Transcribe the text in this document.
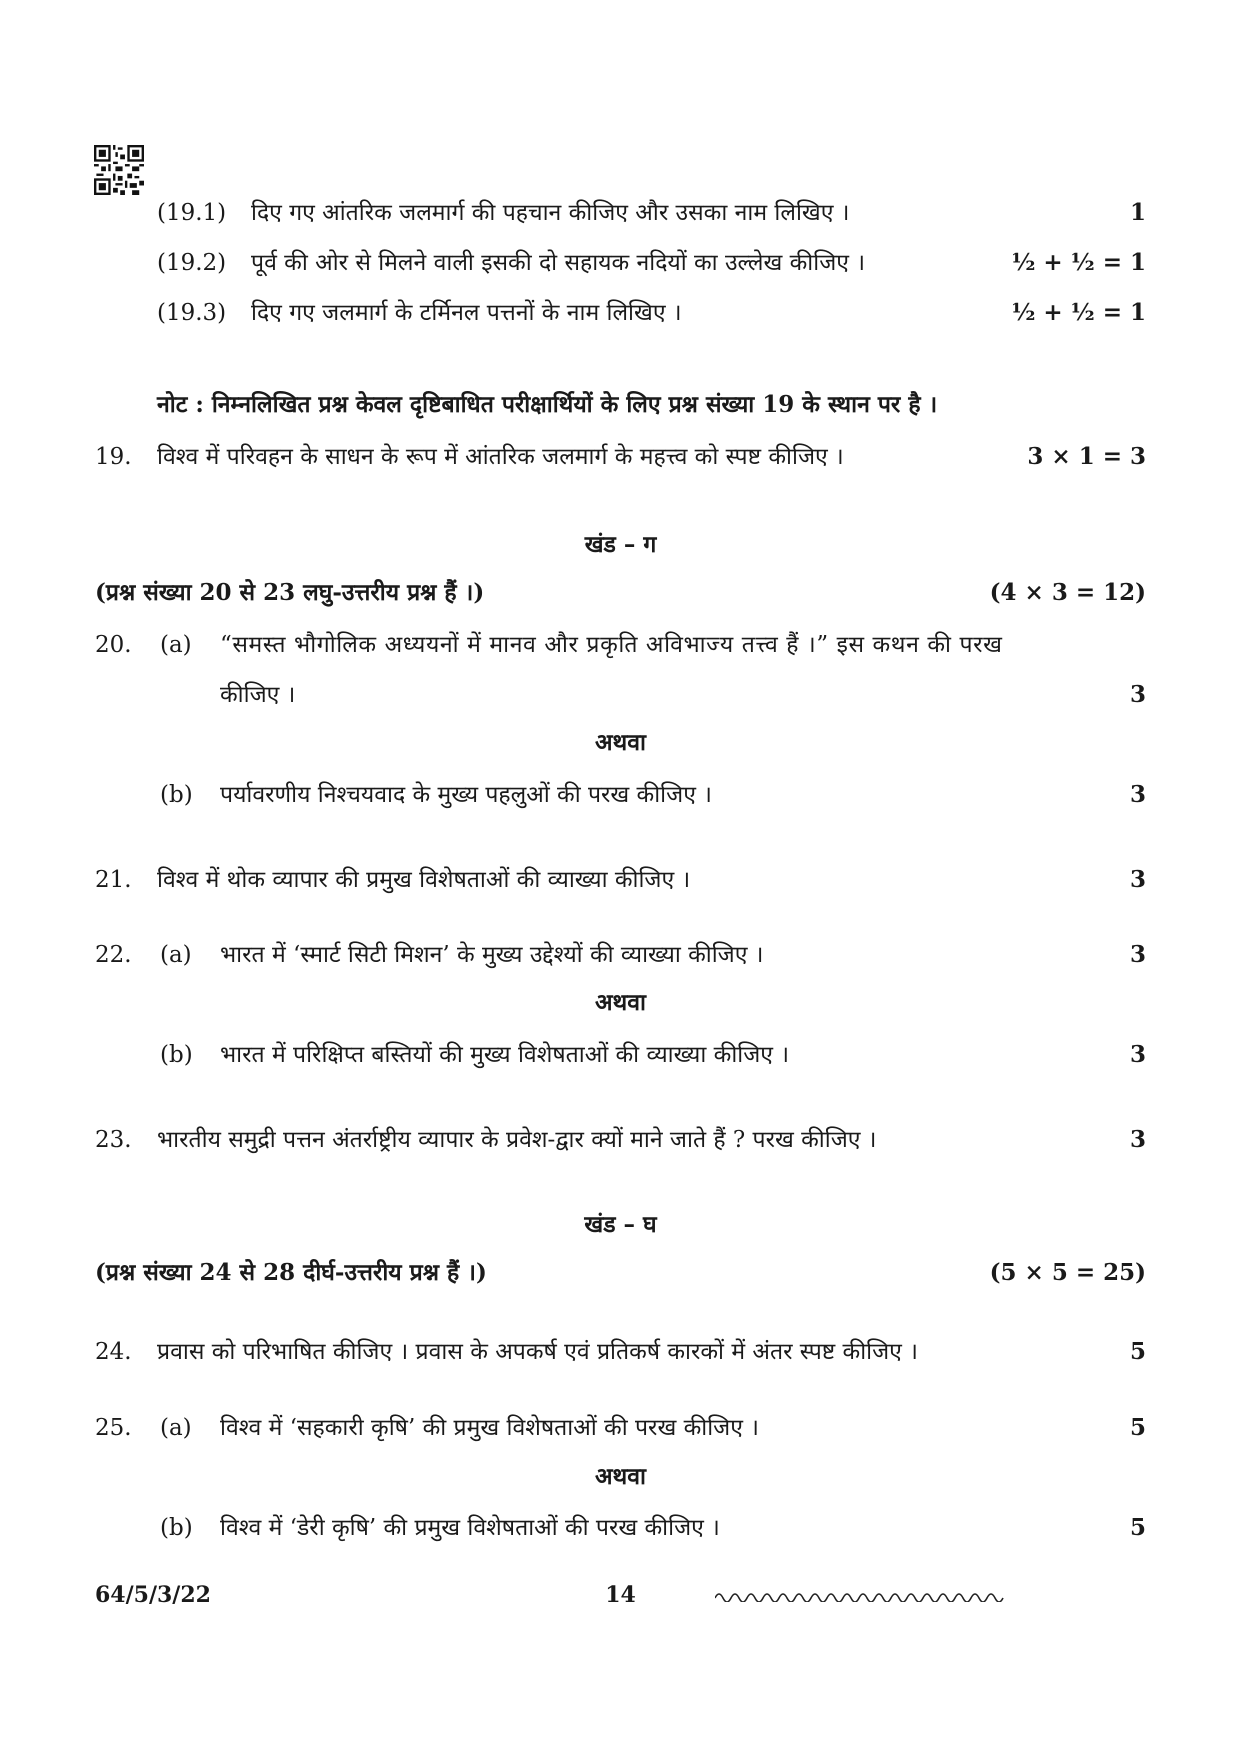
(19.1) दिए गए आंतरिक जलमार्ग की पहचान कीजिए और उसका नाम लिखिए ।	1
(19.2) पूर्व की ओर से मिलने वाली इसकी दो सहायक नदियों का उल्लेख कीजिए ।	½ + ½ = 1
(19.3) दिए गए जलमार्ग के टर्मिनल पत्तनों के नाम लिखिए ।	½ + ½ = 1
नोट : निम्नलिखित प्रश्न केवल दृष्टिबाधित परीक्षार्थियों के लिए प्रश्न संख्या 19 के स्थान पर है ।
19. विश्व में परिवहन के साधन के रूप में आंतरिक जलमार्ग के महत्त्व को स्पष्ट कीजिए ।	3 × 1 = 3
खंड – ग
(प्रश्न संख्या 20 से 23 लघु-उत्तरीय प्रश्न हैं ।)	(4 × 3 = 12)
20. (a) “समस्त भौगोलिक अध्ययनों में मानव और प्रकृति अविभाज्य तत्त्व हैं ।” इस कथन की परख
कीजिए ।	3
अथवा
(b) पर्यावरणीय निश्चयवाद के मुख्य पहलुओं की परख कीजिए ।	3
21. विश्व में थोक व्यापार की प्रमुख विशेषताओं की व्याख्या कीजिए ।	3
22. (a) भारत में ‘स्मार्ट सिटी मिशन’ के मुख्य उद्देश्यों की व्याख्या कीजिए ।	3
अथवा
(b) भारत में परिक्षिप्त बस्तियों की मुख्य विशेषताओं की व्याख्या कीजिए ।	3
23. भारतीय समुद्री पत्तन अंतर्राष्ट्रीय व्यापार के प्रवेश-द्वार क्यों माने जाते हैं ? परख कीजिए ।	3
खंड – घ
(प्रश्न संख्या 24 से 28 दीर्घ-उत्तरीय प्रश्न हैं ।)	(5 × 5 = 25)
24. प्रवास को परिभाषित कीजिए । प्रवास के अपकर्ष एवं प्रतिकर्ष कारकों में अंतर स्पष्ट कीजिए ।	5
25. (a) विश्व में ‘सहकारी कृषि’ की प्रमुख विशेषताओं की परख कीजिए ।	5
अथवा
(b) विश्व में ‘डेरी कृषि’ की प्रमुख विशेषताओं की परख कीजिए ।	5
64/5/3/22	14
